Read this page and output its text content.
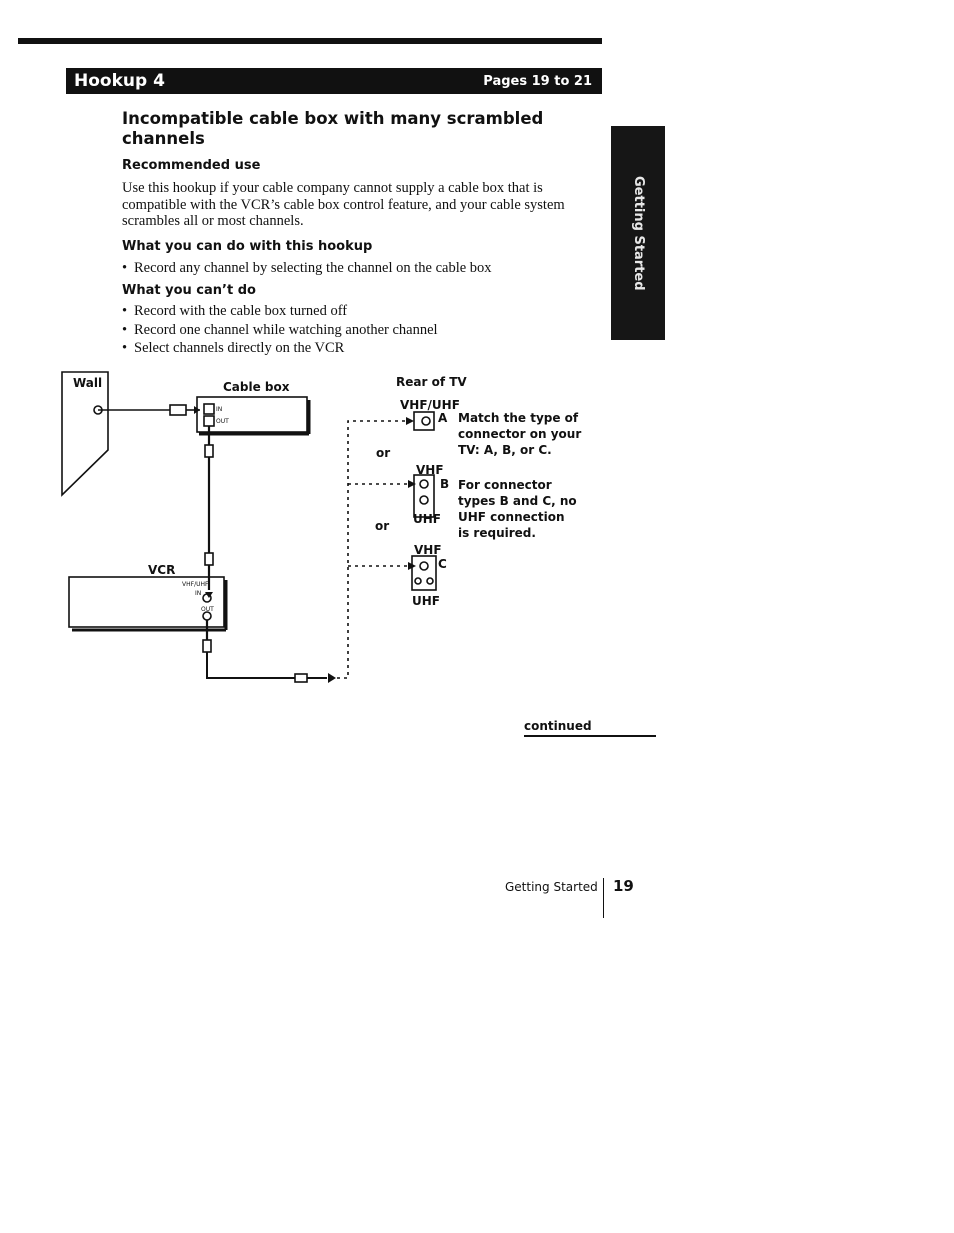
Hookup 4	Pages 19 to 21
Getting Started
Incompatible cable box with many scrambled
channels
Recommended use
Use this hookup if your cable company cannot supply a cable box that is
compatible with the VCR’s cable box control feature, and your cable system
scrambles all or most channels.
What you can do with this hookup
• Record any channel by selecting the channel on the cable box
What you can’t do
• Record with the cable box turned off
• Record one channel while watching another channel
• Select channels directly on the VCR
Wall	Cable box
IN
OUT
VCR
VHF/UHF
IN
OUT
Rear of TV
VHF/UHF
A
or
VHF
B
UHF
or
VHF
C
UHF
Match the type of
connector on your
TV: A, B, or C.
For connector
types B and C, no
UHF connection
is required.
continued
Getting Started 19
